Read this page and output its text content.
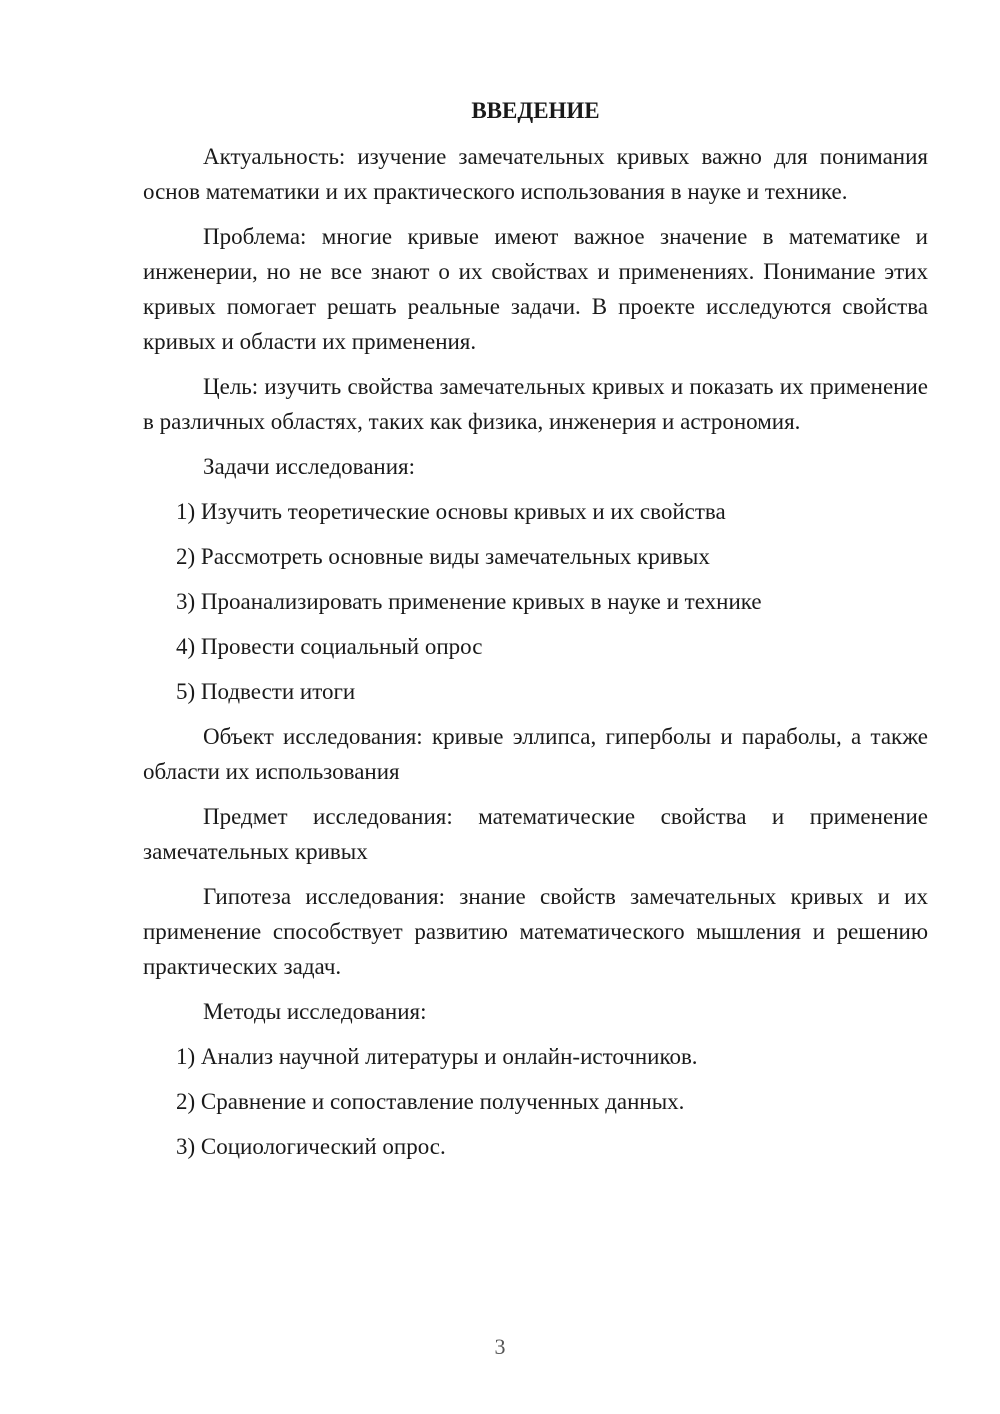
ВВЕДЕНИЕ

Актуальность: изучение замечательных кривых важно для понимания основ математики и их практического использования в науке и технике.

Проблема: многие кривые имеют важное значение в математике и инженерии, но не все знают о их свойствах и применениях. Понимание этих кривых помогает решать реальные задачи. В проекте исследуются свойства кривых и области их применения.

Цель: изучить свойства замечательных кривых и показать их применение в различных областях, таких как физика, инженерия и астрономия.

Задачи исследования:

1) Изучить теоретические основы кривых и их свойства
2) Рассмотреть основные виды замечательных кривых
3) Проанализировать применение кривых в науке и технике
4) Провести социальный опрос
5) Подвести итоги

Объект исследования: кривые эллипса, гиперболы и параболы, а также области их использования

Предмет исследования: математические свойства и применение замечательных кривых

Гипотеза исследования: знание свойств замечательных кривых и их применение способствует развитию математического мышления и решению практических задач.

Методы исследования:

1) Анализ научной литературы и онлайн-источников.
2) Сравнение и сопоставление полученных данных.
3) Социологический опрос.
3
